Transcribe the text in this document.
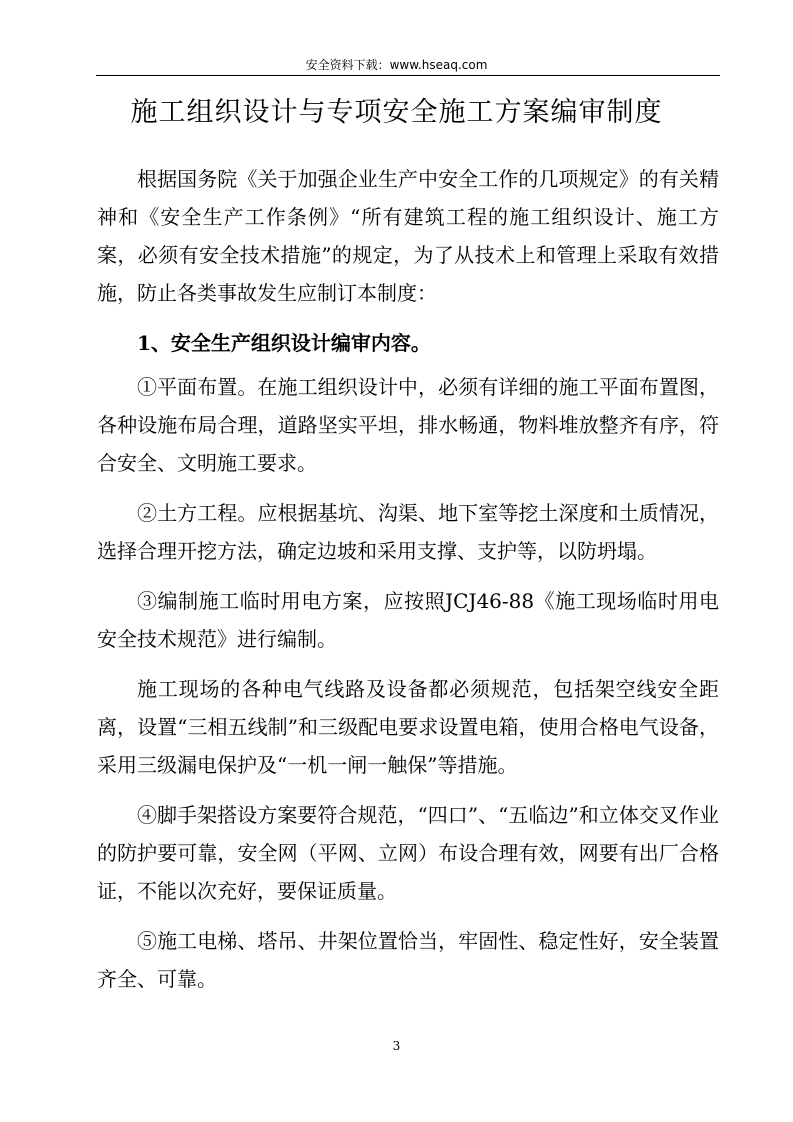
安全资料下载：www.hseaq.com
施工组织设计与专项安全施工方案编审制度

根据国务院《关于加强企业生产中安全工作的几项规定》的有关精神和《安全生产工作条例》“所有建筑工程的施工组织设计、施工方案，必须有安全技术措施”的规定，为了从技术上和管理上采取有效措施，防止各类事故发生应制订本制度：

1、安全生产组织设计编审内容。

①平面布置。在施工组织设计中，必须有详细的施工平面布置图，各种设施布局合理，道路坚实平坦，排水畅通，物料堆放整齐有序，符合安全、文明施工要求。

②土方工程。应根据基坑、沟渠、地下室等挖土深度和土质情况，选择合理开挖方法，确定边坡和采用支撑、支护等，以防坍塌。

③编制施工临时用电方案，应按照JCJ46-88《施工现场临时用电安全技术规范》进行编制。

施工现场的各种电气线路及设备都必须规范，包括架空线安全距离，设置“三相五线制”和三级配电要求设置电箱，使用合格电气设备，采用三级漏电保护及“一机一闸一触保”等措施。

④脚手架搭设方案要符合规范，“四口”、“五临边”和立体交叉作业的防护要可靠，安全网（平网、立网）布设合理有效，网要有出厂合格证，不能以次充好，要保证质量。

⑤施工电梯、塔吊、井架位置恰当，牢固性、稳定性好，安全装置齐全、可靠。

3
